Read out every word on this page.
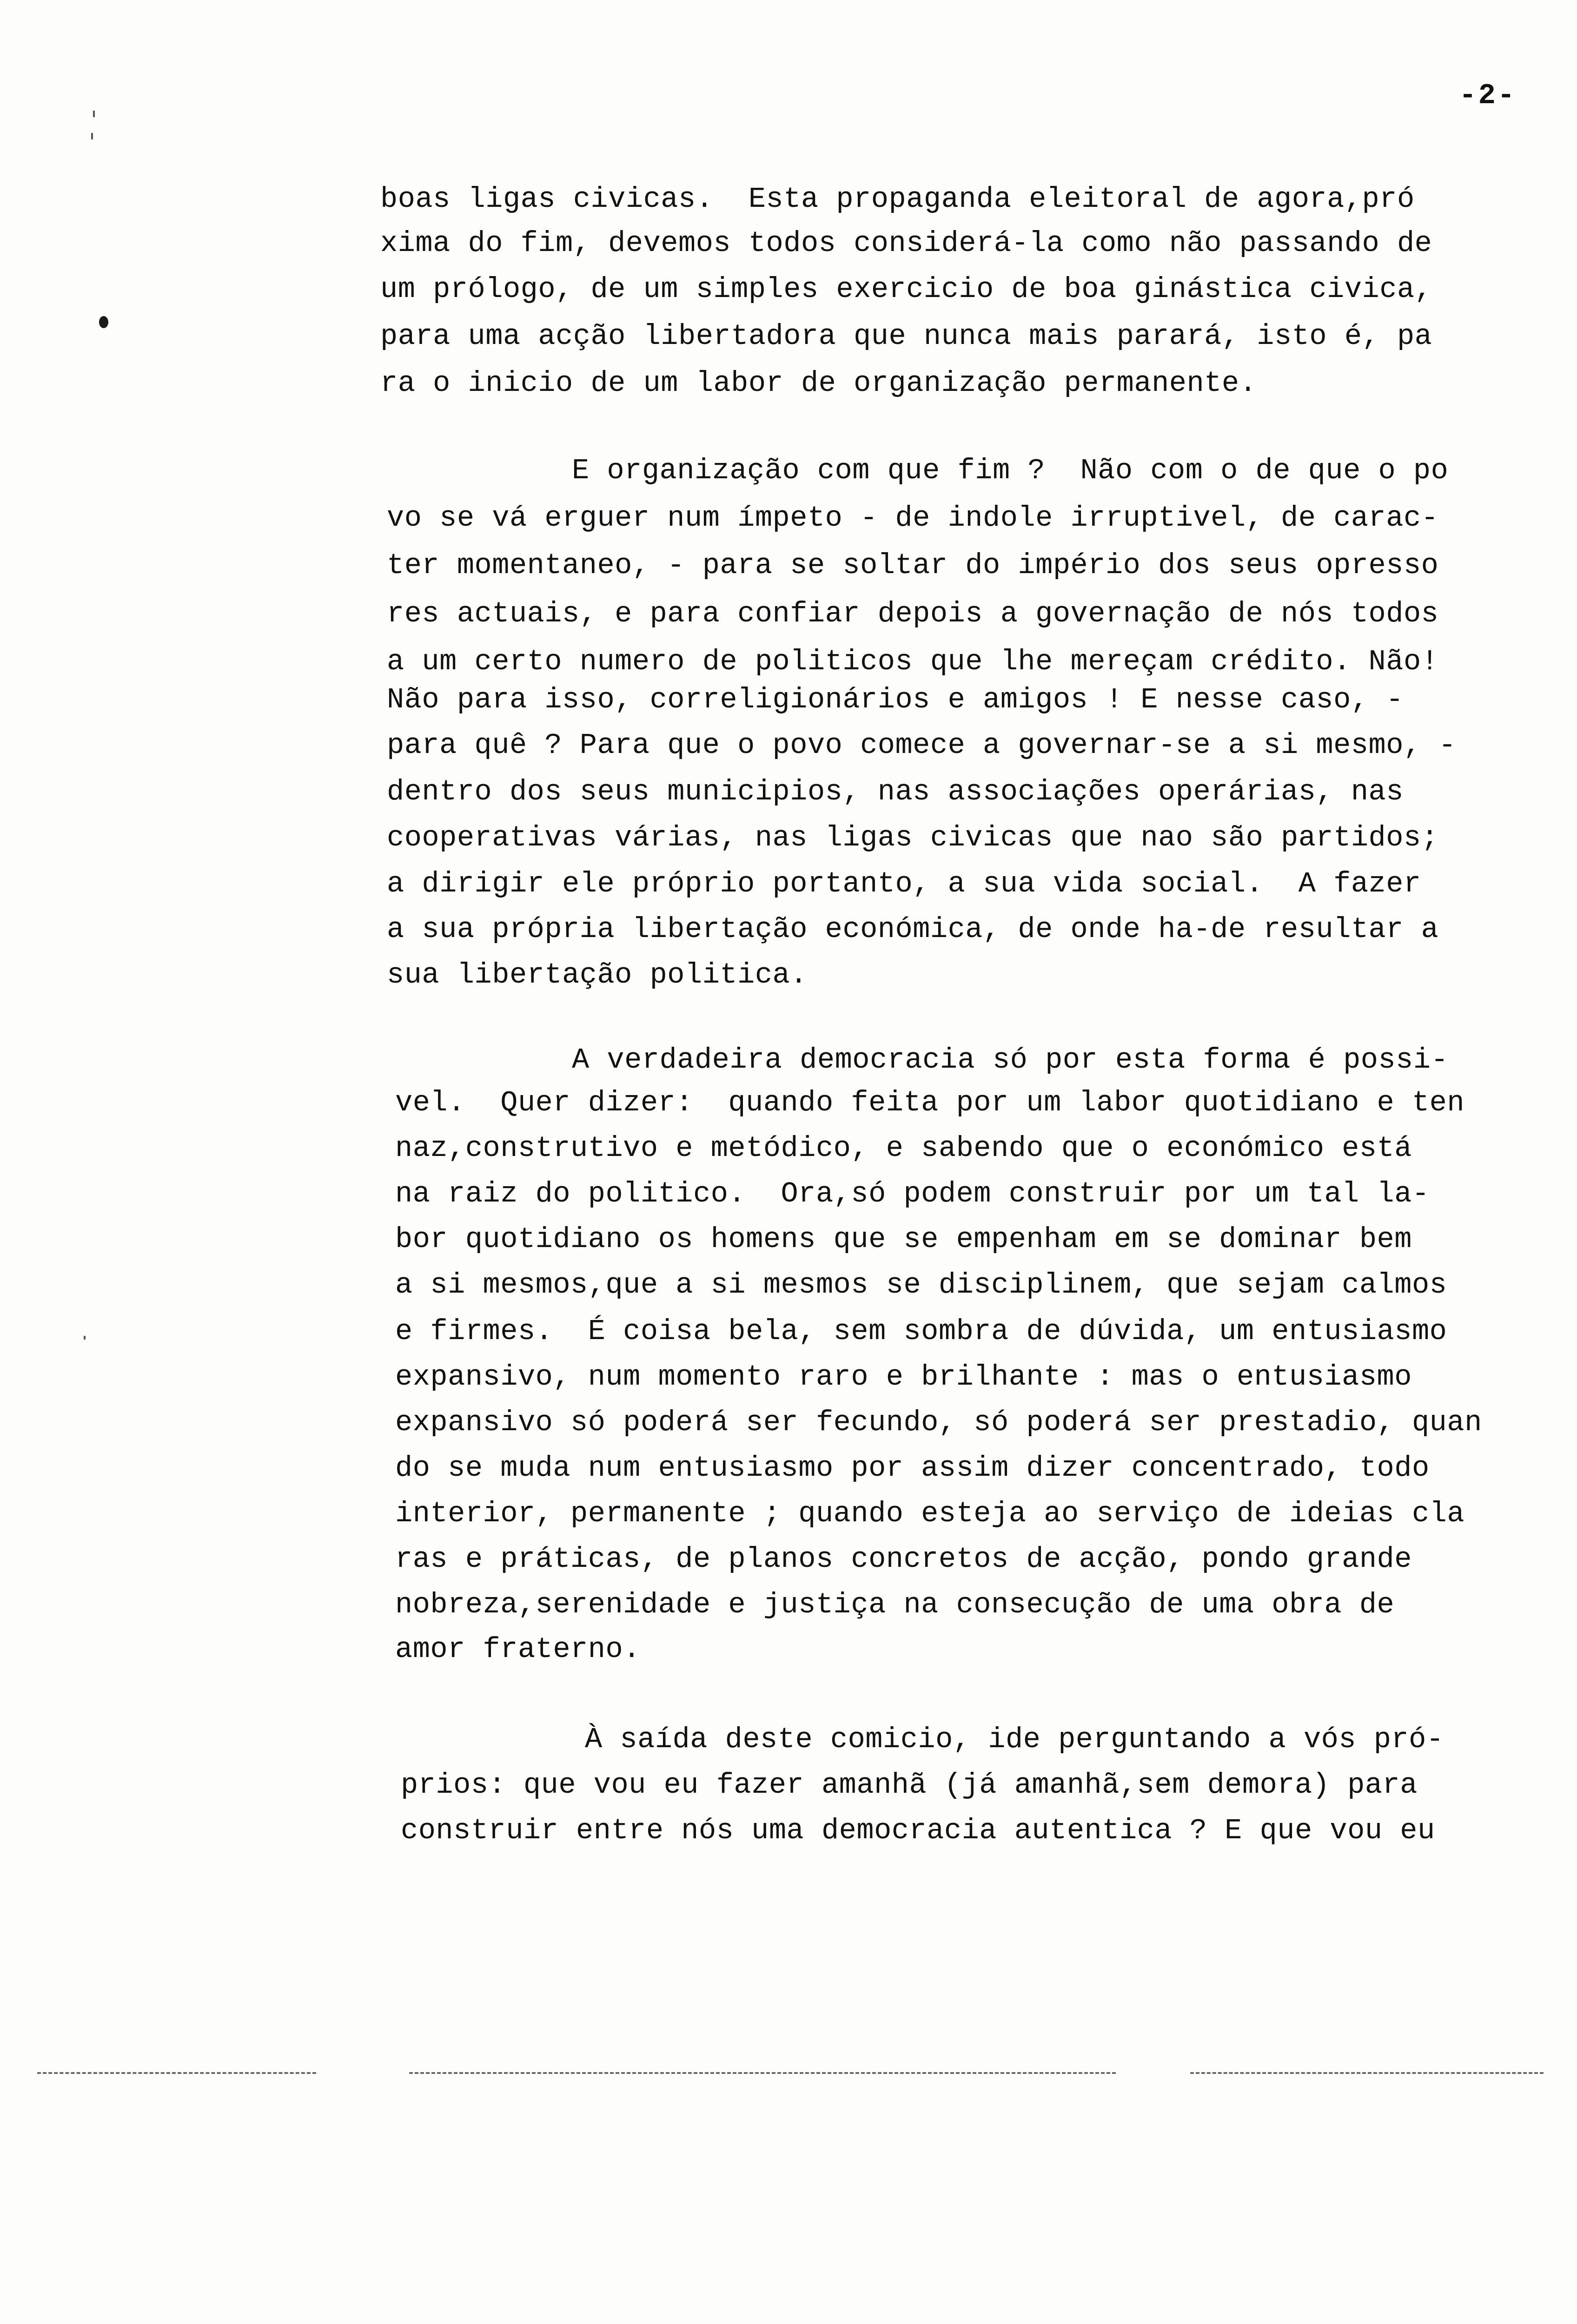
-2-
boas ligas civicas.  Esta propaganda eleitoral de agora,pró
xima do fim, devemos todos considerá-la como não passando de
um prólogo, de um simples exercicio de boa ginástica civica,
para uma acção libertadora que nunca mais parará, isto é, pa
ra o inicio de um labor de organização permanente.
E organização com que fim ?  Não com o de que o po
vo se vá erguer num ímpeto - de indole irruptivel, de carac-
ter momentaneo, - para se soltar do império dos seus opresso
res actuais, e para confiar depois a governação de nós todos
a um certo numero de politicos que lhe mereçam crédito. Não!
Não para isso, correligionários e amigos ! E nesse caso, -
para quê ? Para que o povo comece a governar-se a si mesmo, -
dentro dos seus municipios, nas associações operárias, nas
cooperativas várias, nas ligas civicas que nao são partidos;
a dirigir ele próprio portanto, a sua vida social.  A fazer
a sua própria libertação económica, de onde ha-de resultar a
sua libertação politica.
A verdadeira democracia só por esta forma é possi-
vel.  Quer dizer:  quando feita por um labor quotidiano e ten
naz,construtivo e metódico, e sabendo que o económico está
na raiz do politico.  Ora,só podem construir por um tal la-
bor quotidiano os homens que se empenham em se dominar bem
a si mesmos,que a si mesmos se disciplinem, que sejam calmos
e firmes.  É coisa bela, sem sombra de dúvida, um entusiasmo
expansivo, num momento raro e brilhante : mas o entusiasmo
expansivo só poderá ser fecundo, só poderá ser prestadio, quan
do se muda num entusiasmo por assim dizer concentrado, todo
interior, permanente ; quando esteja ao serviço de ideias cla
ras e práticas, de planos concretos de acção, pondo grande
nobreza,serenidade e justiça na consecução de uma obra de
amor fraterno.
À saída deste comicio, ide perguntando a vós pró-
prios: que vou eu fazer amanhã (já amanhã,sem demora) para
construir entre nós uma democracia autentica ? E que vou eu
